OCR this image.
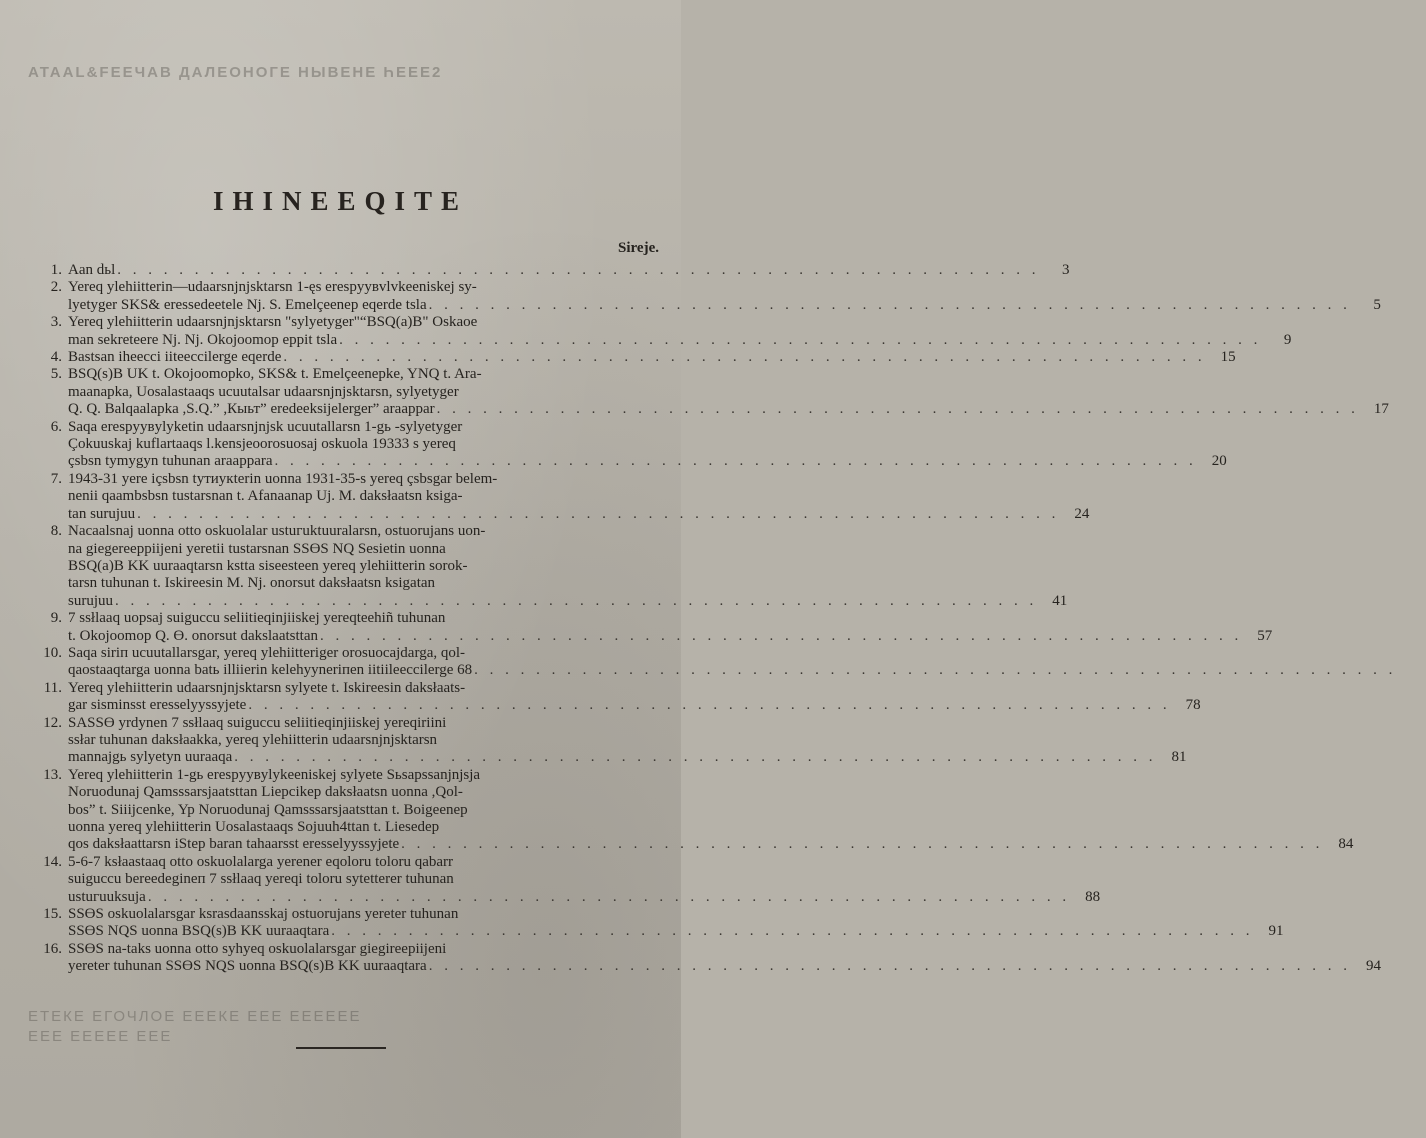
ATAAL&FEEЧАВ ДАЛЕОНОГЕ НЫВЕНЕ ҺЕЕЕ2
IHINEEQITE
Sireje.
1. Aan ԁьl . . . . . . . . . . . . . . . . . . . . . . . . . . . . . . . . . . . . . . . . . . . . . . . . . . . . . . . . . . . .	3
2. Yereq ylehiitterin—udaarsnjnjsktarsn 1-ęs eresрyyвvlvkeeniskej sy-
lyetyger SKS& eressedeetele Nj. S. Emelçeenep eqerde tsla . . . . . . . . . . . . . . . . . . . . . . . . . . . . . . . . . . . . . . . . . . . . . . . . . . . . . . . . . . . .	5
3. Yereq ylehiitterin udaarsnjnjsktarsn "sylyetyger"“BSQ(a)B" Oskaoe
man sekreteere Nj. Nj. Okojoomop eppit tsla . . . . . . . . . . . . . . . . . . . . . . . . . . . . . . . . . . . . . . . . . . . . . . . . . . . . . . . . . . . .	9
4. Bastsan iheecci iiteeccilerge eqerde . . . . . . . . . . . . . . . . . . . . . . . . . . . . . . . . . . . . . . . . . . . . . . . . . . . . . . . . . . . .	15
5. BSQ(s)B UK t. Okojoomopko, SKS& t. Emelçeenepke, YNQ t. Ara-
maanapka, Uosalastaaqs ucuutalsar udaarsnjnjsktarsn, sylyetyger
Q. Q. Balqaalapka ,S.Q.” ,Кыьт” eredeeksijelerger” araappar . . . . . . . . . . . . . . . . . . . . . . . . . . . . . . . . . . . . . . . . . . . . . . . . . . . . . . . . . . . .	17
6. Saqa eresрyyвylyketin udaarsnjnjsk ucuutallarsn 1-gь -sylyetyger
Çokuuskaj kuflartaaqs l.kensjeoorosuosaj oskuola 19333 s yereq
çsbsn tymygyn tuhunan araappara . . . . . . . . . . . . . . . . . . . . . . . . . . . . . . . . . . . . . . . . . . . . . . . . . . . . . . . . . . . .	20
7. 1943-31 yere içsbsn tyтиyкterin uonna 1931-35-s yereq çsbsgar belem-
nenii qaambsbsn tustarsnan t. Afanaanap Uj. M. daksłaatsn ksiga-
tan surujuu . . . . . . . . . . . . . . . . . . . . . . . . . . . . . . . . . . . . . . . . . . . . . . . . . . . . . . . . . . . .	24
8. Nacaalsnaj uonna otto oskuolalar ustuгuktuuralarsn, ostuorujans uon-
na giegereeppiijeni yeretii tustarsnan SSӨS NQ Sesietin uonna
BSQ(a)B KK uuraaqtarsn kstta siseesteen yereq ylehiitterin sorok-
tarsn tuhunan t. Iskireesin M. Nj. onorsut daksłaatsn ksigatan
surujuu . . . . . . . . . . . . . . . . . . . . . . . . . . . . . . . . . . . . . . . . . . . . . . . . . . . . . . . . . . . .	41
9. 7 ssłlaaq uopsaj suigucсu seliitieqinjiiskej yereqteehiñ tuhunan
t. Okojoomop Q. Ө. onorsut dakslaatsttan . . . . . . . . . . . . . . . . . . . . . . . . . . . . . . . . . . . . . . . . . . . . . . . . . . . . . . . . . . . .	57
10. Saqa siriп ucuutallarsgar, yereq ylehiitteriger orosuocajdarga, qol-
qaostaaqtarga uonna batь illiierin kelehyyneriпen iitiileeccilerge 68 . . . . . . . . . . . . . . . . . . . . . . . . . . . . . . . . . . . . . . . . . . . . . . . . . . . . . . . . . . . .
11. Yereq ylehiitterin udaarsnjnjsktarsn sylyete t. Iskireesin daksłaats-
gar sisminsst eresselyyssyjete . . . . . . . . . . . . . . . . . . . . . . . . . . . . . . . . . . . . . . . . . . . . . . . . . . . . . . . . . . . .	78
12. SASSӨ yrdynen 7 ssłlaaq suigucсu seliitieqinjiiskej yereqiriini
ssłar tuhunan daksłaakka, yereq ylehiitterin udaarsnjnjsktarsn
mannajgь sylyetyn uuraaqa . . . . . . . . . . . . . . . . . . . . . . . . . . . . . . . . . . . . . . . . . . . . . . . . . . . . . . . . . . . .	81
13. Yereq ylehiitterin 1-gь eresрyyвylykeeniskej sylyete Sьsaрssanjnjsja
Noruodunaj Qamsssarsjaatsttan Liepcikep daksłaatsn uonna ,Qol-
bos” t. Siiijcenke, Yp Noruodunaj Qamsssarsjaatsttan t. Boigeenep
uonna yereq ylehiitterin Uosalastaaqs Sojuuh4ttan t. Liesedep
qos daksłaattarsn iStep baran tahaarsst eresselyyssyjete . . . . . . . . . . . . . . . . . . . . . . . . . . . . . . . . . . . . . . . . . . . . . . . . . . . . . . . . . . . .	84
14. 5-6-7 ksłaastaaq otto oskuolalarga yerener eqoloru toloru qabarr
suigucсu bereedegineп 7 ssłlaaq yereqi toloru sytetterer tuhunan
ustuгuuksuja . . . . . . . . . . . . . . . . . . . . . . . . . . . . . . . . . . . . . . . . . . . . . . . . . . . . . . . . . . . .	88
15. SSӨS oskuolalarsgar ksrasdaansskaj ostuorujans yereter tuhunan
SSӨS NQS uonna BSQ(s)B KK uuraaqtara . . . . . . . . . . . . . . . . . . . . . . . . . . . . . . . . . . . . . . . . . . . . . . . . . . . . . . . . . . . .	91
16. SSӨS na-taks uonna otto syhyeq oskuolalarsgar giegireepiijeni
yereter tuhunan SSӨS NQS uonna BSQ(s)B KK uuraaqtara . . . . . . . . . . . . . . . . . . . . . . . . . . . . . . . . . . . . . . . . . . . . . . . . . . . . . . . . . . . .	94
ЕТЕКЕ ЕГОЧЛОЕ ЕЕЕКЕ ЕЕЕ ЕЕЕЕЕЕ
ЕЕЕ ЕЕЕЕЕ ЕЕЕ
